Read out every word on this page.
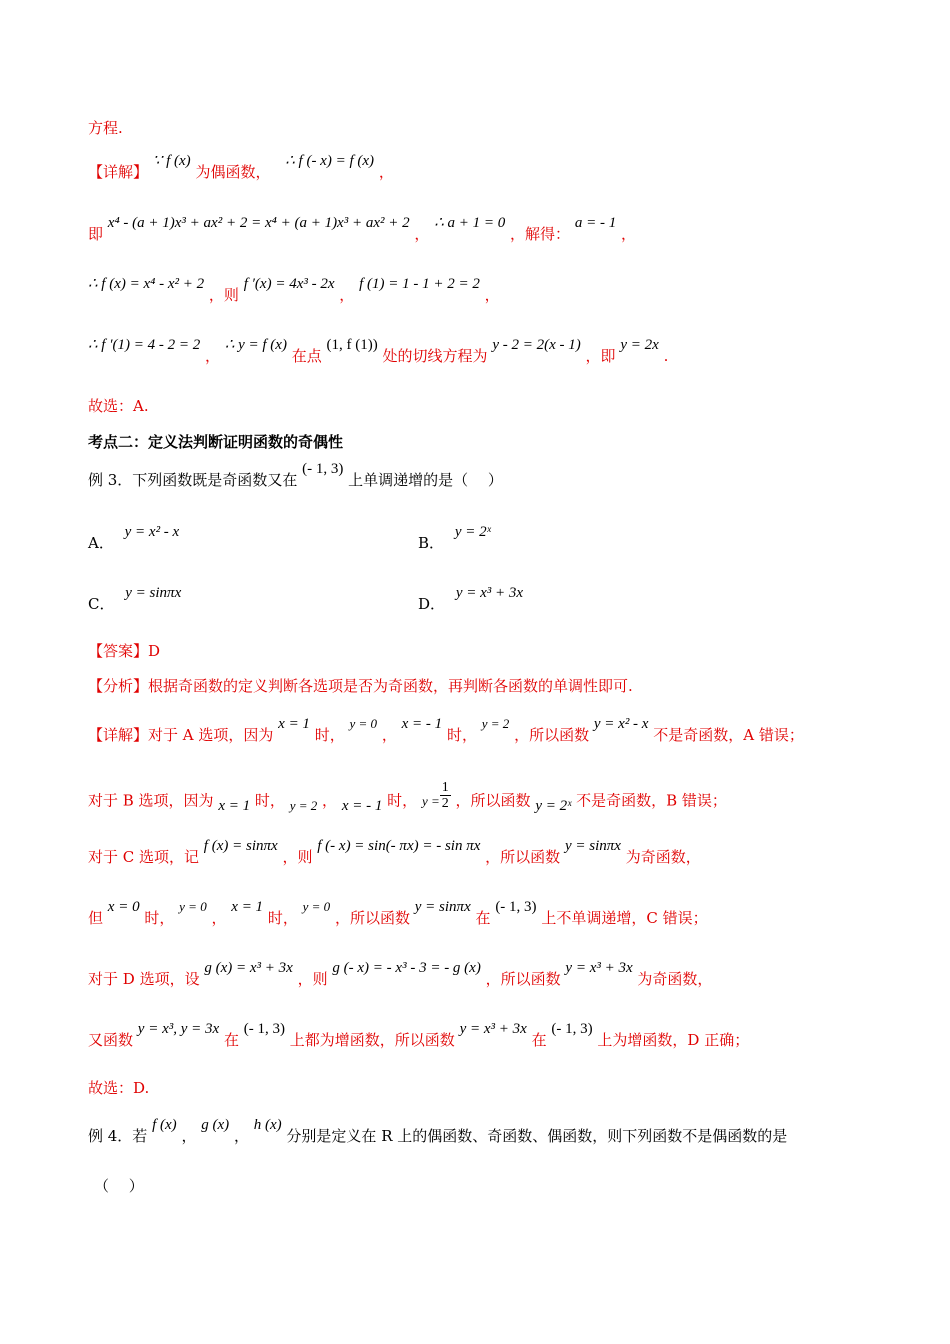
方程.
【详解】 ∵ f (x) 为偶函数， ∴ f (- x) = f (x) ，
即 x⁴ - (a + 1)x³ + ax² + 2 = x⁴ + (a + 1)x³ + ax² + 2 ， ∴ a + 1 = 0 ，解得： a = - 1 ，
∴ f (x) = x⁴ - x² + 2 ，则 f ′(x) = 4x³ - 2x ， f (1) = 1 - 1 + 2 = 2 ，
∴ f ′(1) = 4 - 2 = 2 ， ∴ y = f (x) 在点 (1, f (1)) 处的切线方程为 y - 2 = 2(x - 1) ，即 y = 2x .
故选：A.
考点二：定义法判断证明函数的奇偶性
例 3．下列函数既是奇函数又在 (- 1, 3) 上单调递增的是（　 ）
A． y = x² - x
B． y = 2ˣ
C． y = sinπx
D． y = x³ + 3x
【答案】D
【分析】根据奇函数的定义判断各选项是否为奇函数，再判断各函数的单调性即可.
【详解】对于 A 选项，因为 x = 1 时， y = 0 ， x = - 1 时， y = 2 ，所以函数 y = x² - x 不是奇函数，A 错误；
对于 B 选项，因为 x = 1 时， y = 2 ， x = - 1 时， $y = \frac{1}{2}$ ，所以函数 y = 2ˣ 不是奇函数，B 错误；
对于 C 选项，记 f (x) = sinπx ，则 f (- x) = sin(- πx) = - sin πx ，所以函数 y = sinπx 为奇函数，
但 x = 0 时， y = 0 ， x = 1 时， y = 0 ，所以函数 y = sinπx 在 (- 1, 3) 上不单调递增，C 错误；
对于 D 选项，设 g (x) = x³ + 3x ，则 g (- x) = - x³ - 3 = - g (x) ，所以函数 y = x³ + 3x 为奇函数，
又函数 y = x³, y = 3x 在 (- 1, 3) 上都为增函数，所以函数 y = x³ + 3x 在 (- 1, 3) 上为增函数，D 正确；
故选：D.
例 4．若 f (x) ， g (x) ， h (x) 分别是定义在 R 上的偶函数、奇函数、偶函数，则下列函数不是偶函数的是
（　 ）
